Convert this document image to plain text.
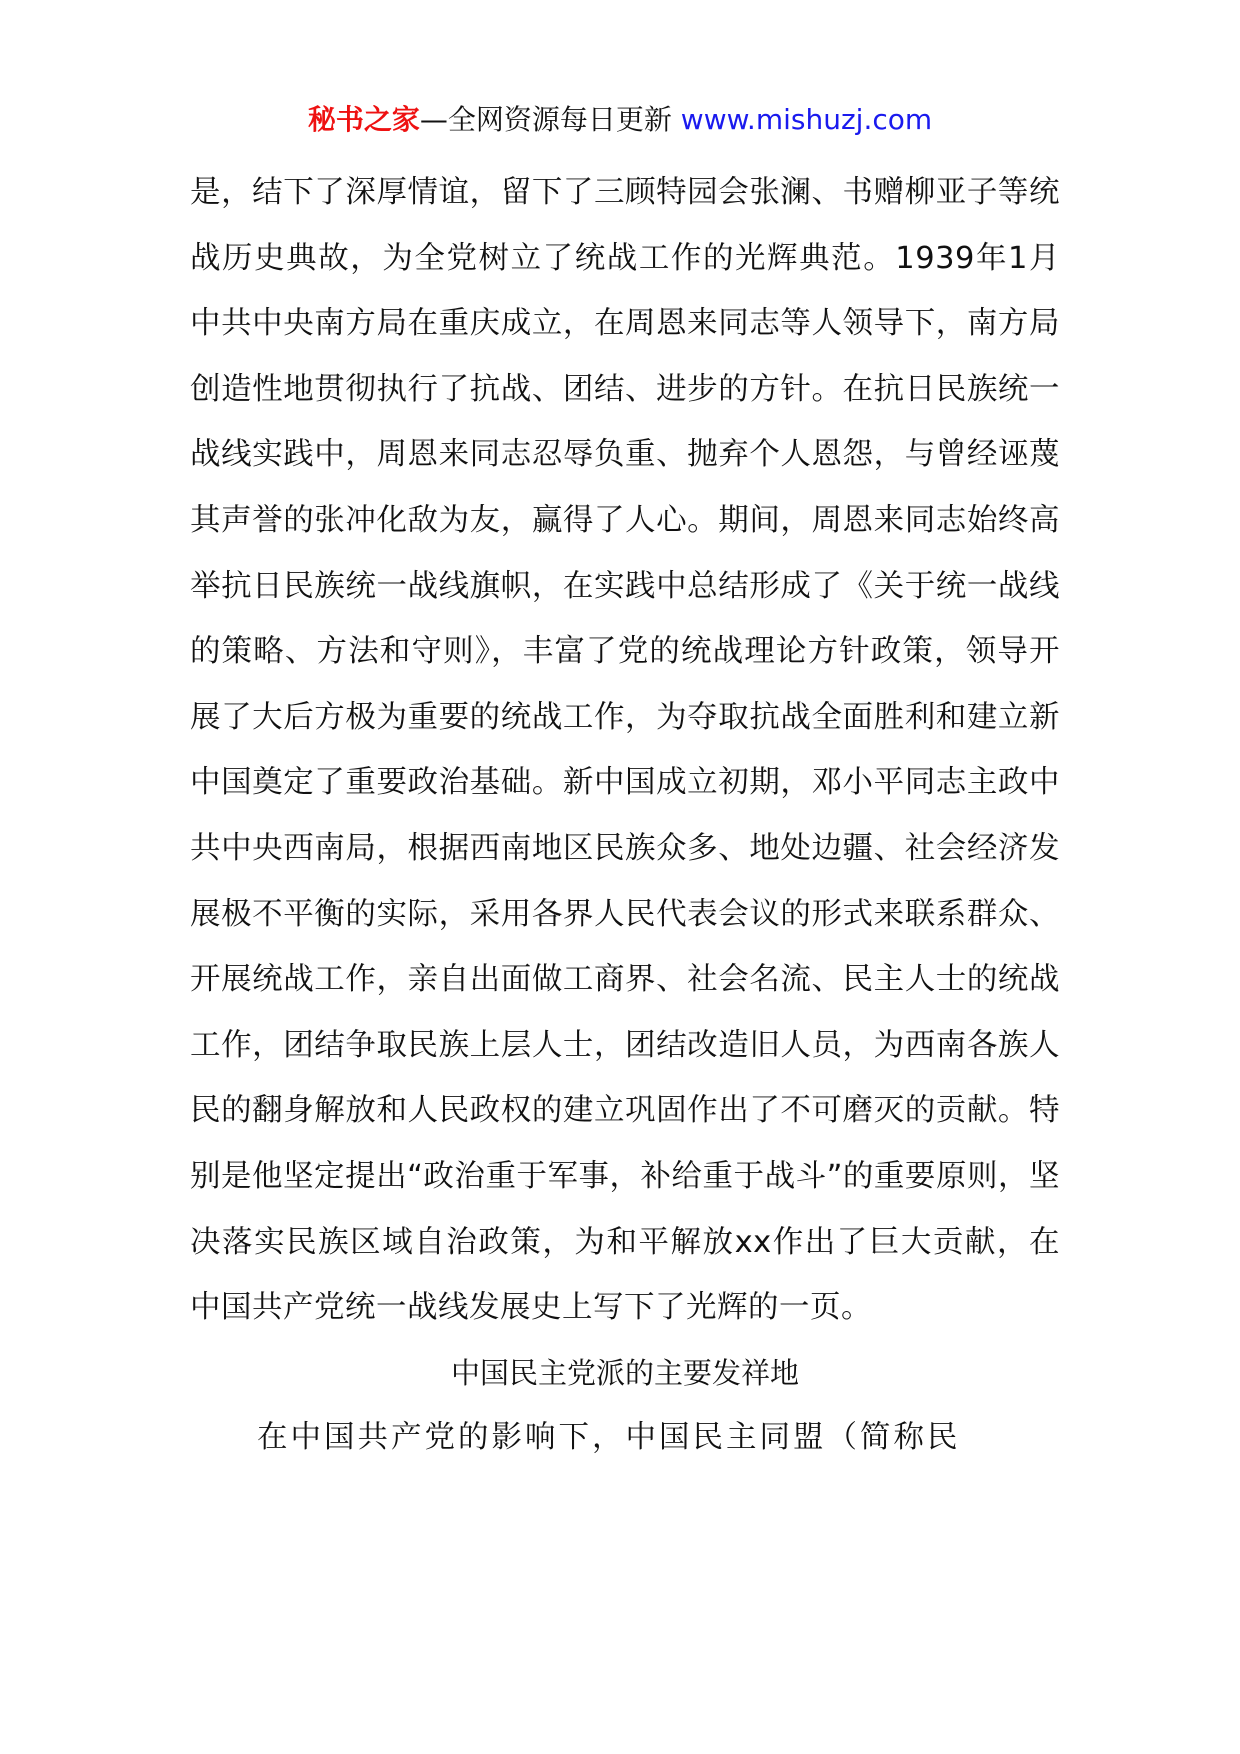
秘书之家—全网资源每日更新 www.mishuzj.com

是，结下了深厚情谊，留下了三顾特园会张澜、书赠柳亚子等统战历史典故，为全党树立了统战工作的光辉典范。1939年1月中共中央南方局在重庆成立，在周恩来同志等人领导下，南方局创造性地贯彻执行了抗战、团结、进步的方针。在抗日民族统一战线实践中，周恩来同志忍辱负重、抛弃个人恩怨，与曾经诬蔑其声誉的张冲化敌为友，赢得了人心。期间，周恩来同志始终高举抗日民族统一战线旗帜，在实践中总结形成了《关于统一战线的策略、方法和守则》，丰富了党的统战理论方针政策，领导开展了大后方极为重要的统战工作，为夺取抗战全面胜利和建立新中国奠定了重要政治基础。新中国成立初期，邓小平同志主政中共中央西南局，根据西南地区民族众多、地处边疆、社会经济发展极不平衡的实际，采用各界人民代表会议的形式来联系群众、开展统战工作，亲自出面做工商界、社会名流、民主人士的统战工作，团结争取民族上层人士，团结改造旧人员，为西南各族人民的翻身解放和人民政权的建立巩固作出了不可磨灭的贡献。特别是他坚定提出“政治重于军事，补给重于战斗”的重要原则，坚决落实民族区域自治政策，为和平解放xx作出了巨大贡献，在中国共产党统一战线发展史上写下了光辉的一页。

中国民主党派的主要发祥地

在中国共产党的影响下，中国民主同盟（简称民
